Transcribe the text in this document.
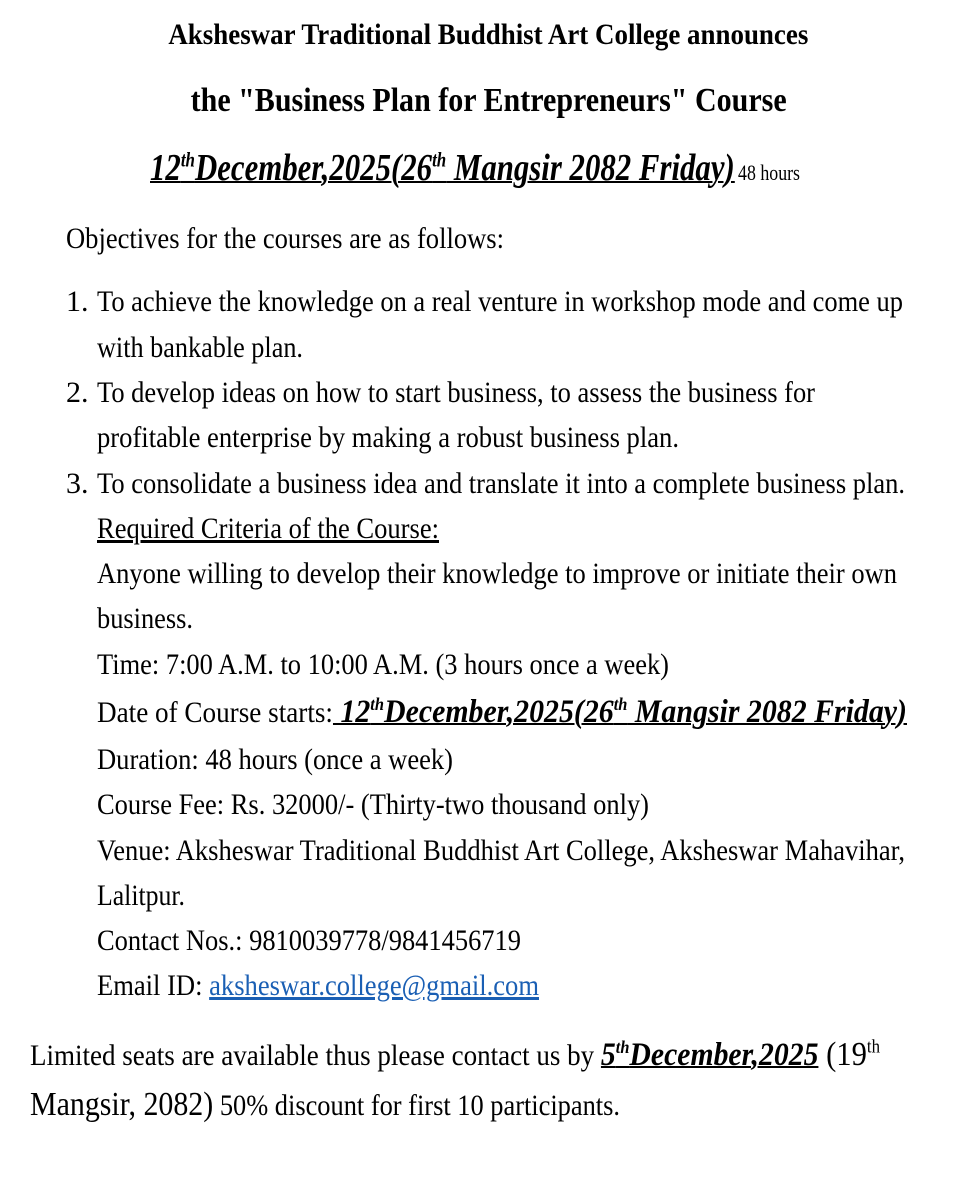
Aksheswar Traditional Buddhist Art College announces
the "Business Plan for Entrepreneurs" Course
12thDecember,2025(26th Mangsir 2082 Friday) 48 hours
Objectives for the courses are as follows:
1. To achieve the knowledge on a real venture in workshop mode and come up
with bankable plan.
2. To develop ideas on how to start business, to assess the business for
profitable enterprise by making a robust business plan.
3. To consolidate a business idea and translate it into a complete business plan.
Required Criteria of the Course:
Anyone willing to develop their knowledge to improve or initiate their own
business.
Time: 7:00 A.M. to 10:00 A.M. (3 hours once a week)
Date of Course starts: 12thDecember,2025(26th Mangsir 2082 Friday)
Duration: 48 hours (once a week)
Course Fee: Rs. 32000/- (Thirty-two thousand only)
Venue: Aksheswar Traditional Buddhist Art College, Aksheswar Mahavihar,
Lalitpur.
Contact Nos.: 9810039778/9841456719
Email ID: aksheswar.college@gmail.com
Limited seats are available thus please contact us by 5thDecember,2025 (19th
Mangsir, 2082) 50% discount for first 10 participants.
